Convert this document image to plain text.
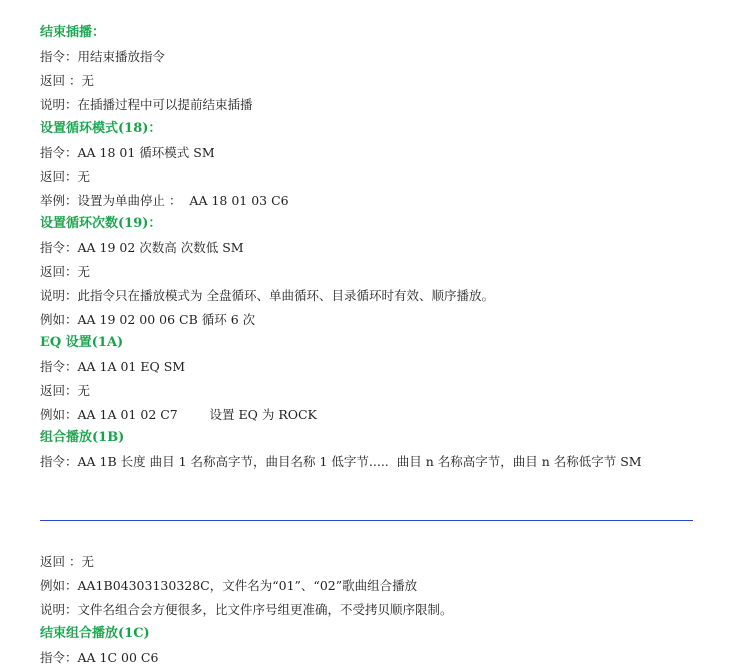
结束插播：
指令：用结束播放指令
返回 ：无
说明：在插播过程中可以提前结束插播
设置循环模式(18)：
指令：AA 18 01 循环模式 SM
返回：无
举例：设置为单曲停止 ：  AA 18 01 03 C6
设置循环次数(19)：
指令：AA 19 02 次数高 次数低 SM
返回：无
说明：此指令只在播放模式为 全盘循环、单曲循环、目录循环时有效、顺序播放。
例如：AA 19 02 00 06 CB 循环 6 次
EQ 设置(1A)
指令：AA 1A 01 EQ SM
返回：无
例如：AA 1A 01 02 C7        设置 EQ 为 ROCK
组合播放(1B)
指令：AA 1B 长度 曲目 1 名称高字节，曲目名称 1 低字节.....  曲目 n 名称高字节，曲目 n 名称低字节 SM
返回 ：无
例如：AA1B04303130328C，文件名为“01”、“02”歌曲组合播放
说明：文件名组合会方便很多，比文件序号组更准确，不受拷贝顺序限制。
结束组合播放(1C)
指令：AA 1C 00 C6
